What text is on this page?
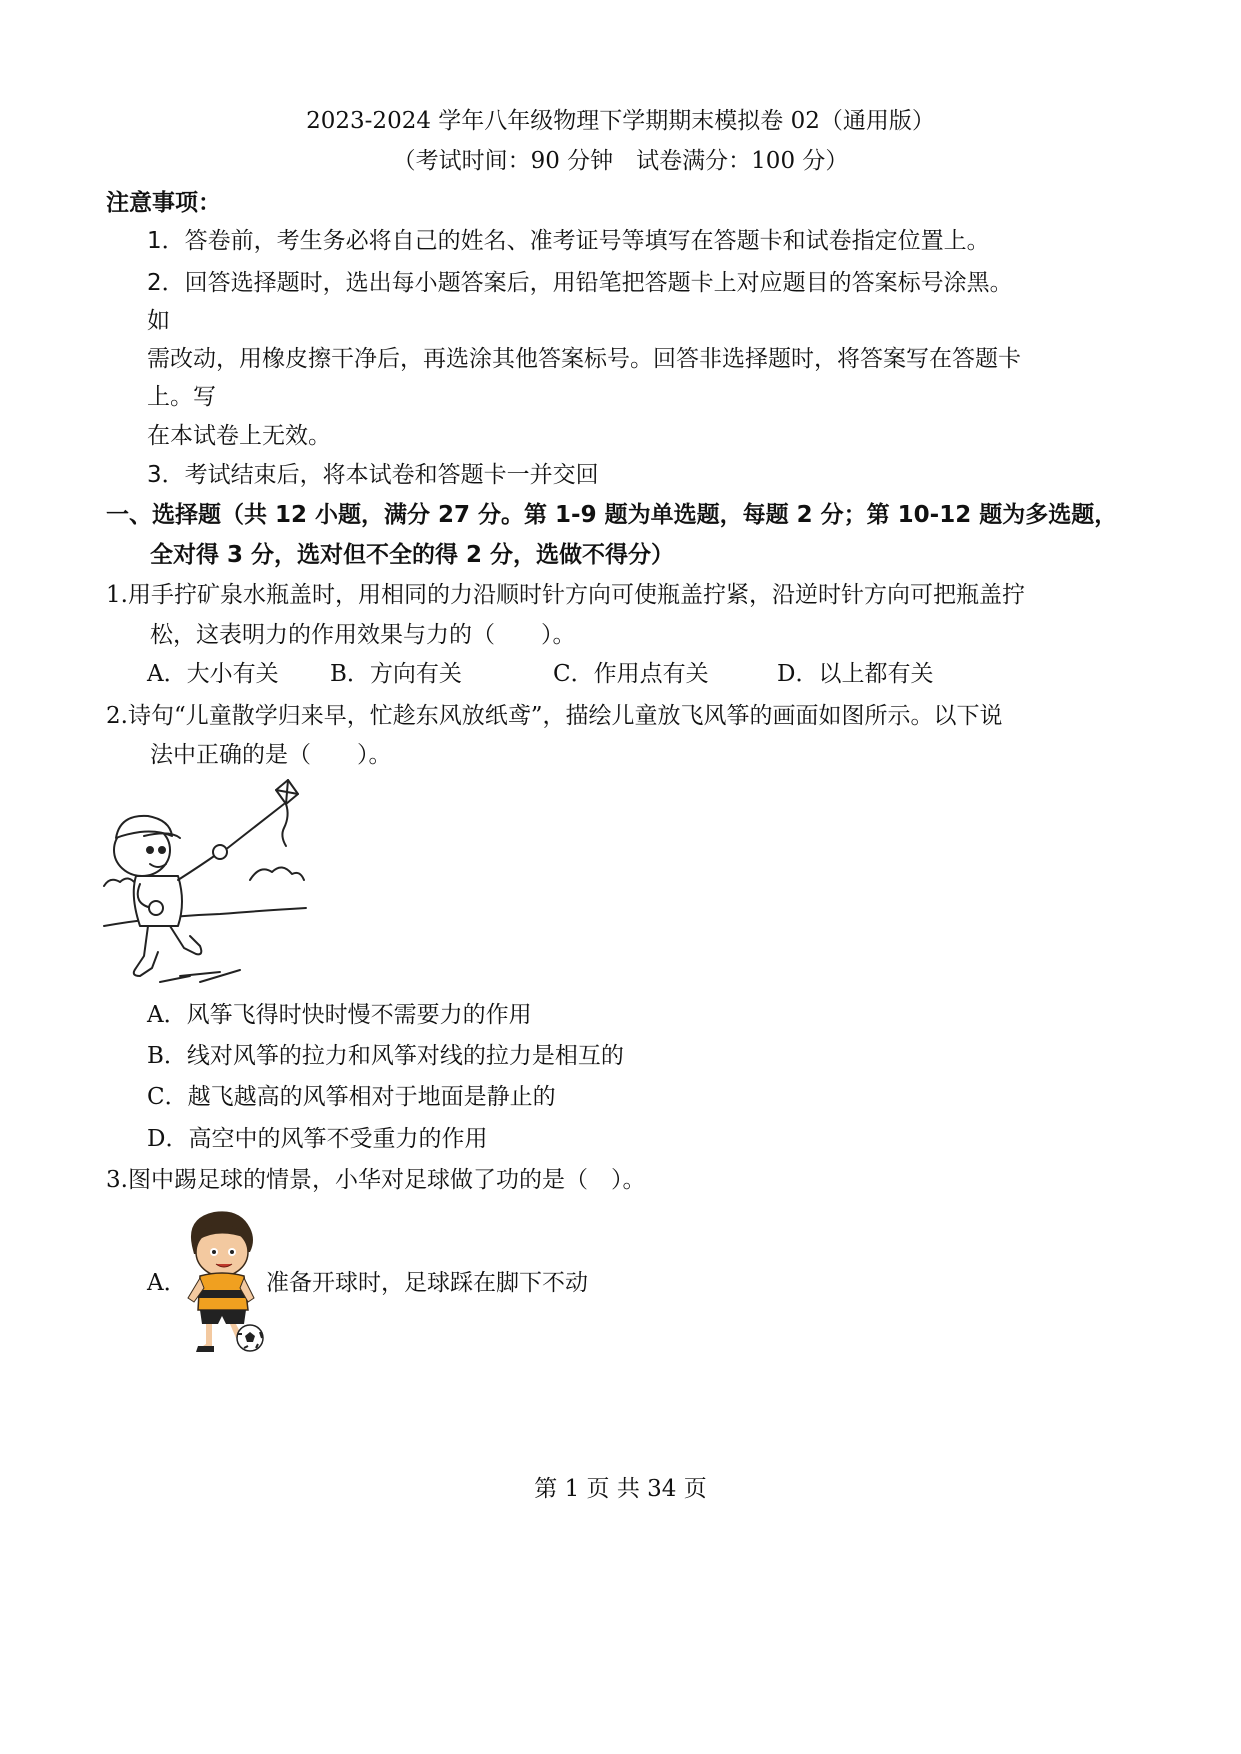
2023-2024 学年八年级物理下学期期末模拟卷 02（通用版）
（考试时间：90 分钟　试卷满分：100 分）
注意事项：
1．答卷前，考生务必将自己的姓名、准考证号等填写在答题卡和试卷指定位置上。
2．回答选择题时，选出每小题答案后，用铅笔把答题卡上对应题目的答案标号涂黑。
如
需改动，用橡皮擦干净后，再选涂其他答案标号。回答非选择题时，将答案写在答题卡
上。写
在本试卷上无效。
3．考试结束后，将本试卷和答题卡一并交回
一、选择题（共 12 小题，满分 27 分。第 1-9 题为单选题，每题 2 分；第 10-12 题为多选题，
全对得 3 分，选对但不全的得 2 分，选做不得分）
1.用手拧矿泉水瓶盖时，用相同的力沿顺时针方向可使瓶盖拧紧，沿逆时针方向可把瓶盖拧
松，这表明力的作用效果与力的（　　）。
A．大小有关 B．方向有关	C．作用点有关	D．以上都有关
2.诗句“儿童散学归来早，忙趁东风放纸鸢”，描绘儿童放飞风筝的画面如图所示。以下说
法中正确的是（　　）。
A．风筝飞得时快时慢不需要力的作用
B．线对风筝的拉力和风筝对线的拉力是相互的
C．越飞越高的风筝相对于地面是静止的
D．高空中的风筝不受重力的作用
3.图中踢足球的情景，小华对足球做了功的是（　）。
A．	准备开球时，足球踩在脚下不动
第 1 页 共 34 页
